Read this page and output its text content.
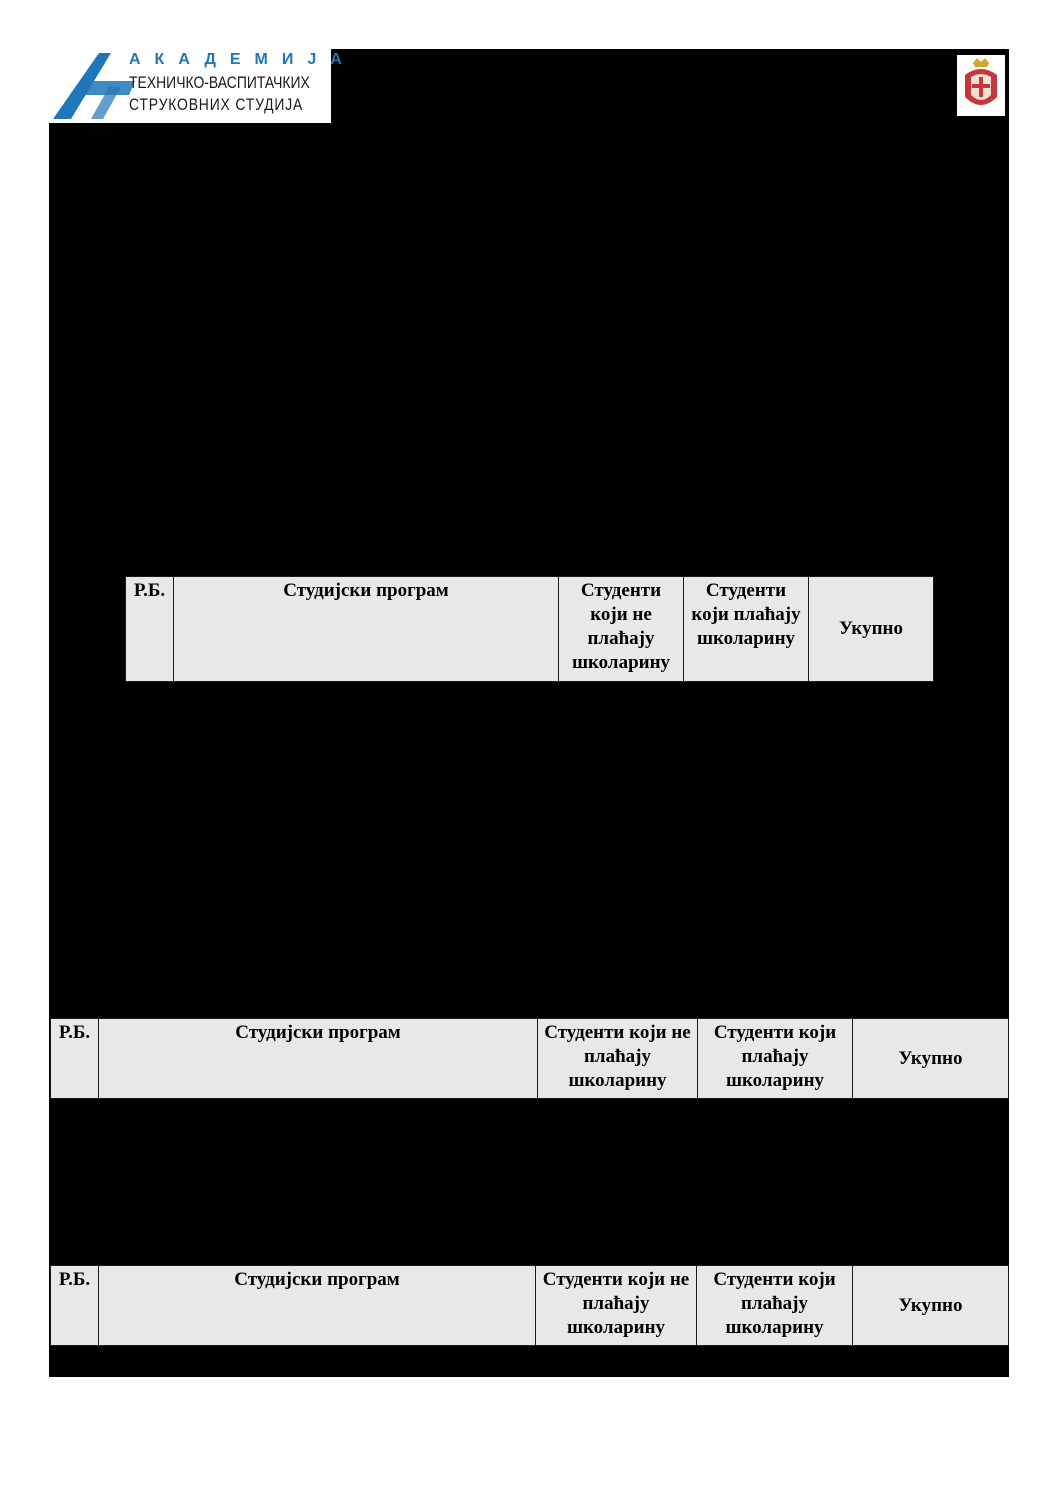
АКАДЕМИЈА
ТЕХНИЧКО-ВАСПИТАЧКИХ
СТРУКОВНИХ СТУДИЈА
Р.Б.	Студијски програм	Студенти који не плаћају школарину	Студенти који плаћају школарину	Укупно
Р.Б.	Студијски програм	Студенти који не плаћају школарину	Студенти који плаћају школарину	Укупно
Р.Б.	Студијски програм	Студенти који не плаћају школарину	Студенти који плаћају школарину	Укупно
